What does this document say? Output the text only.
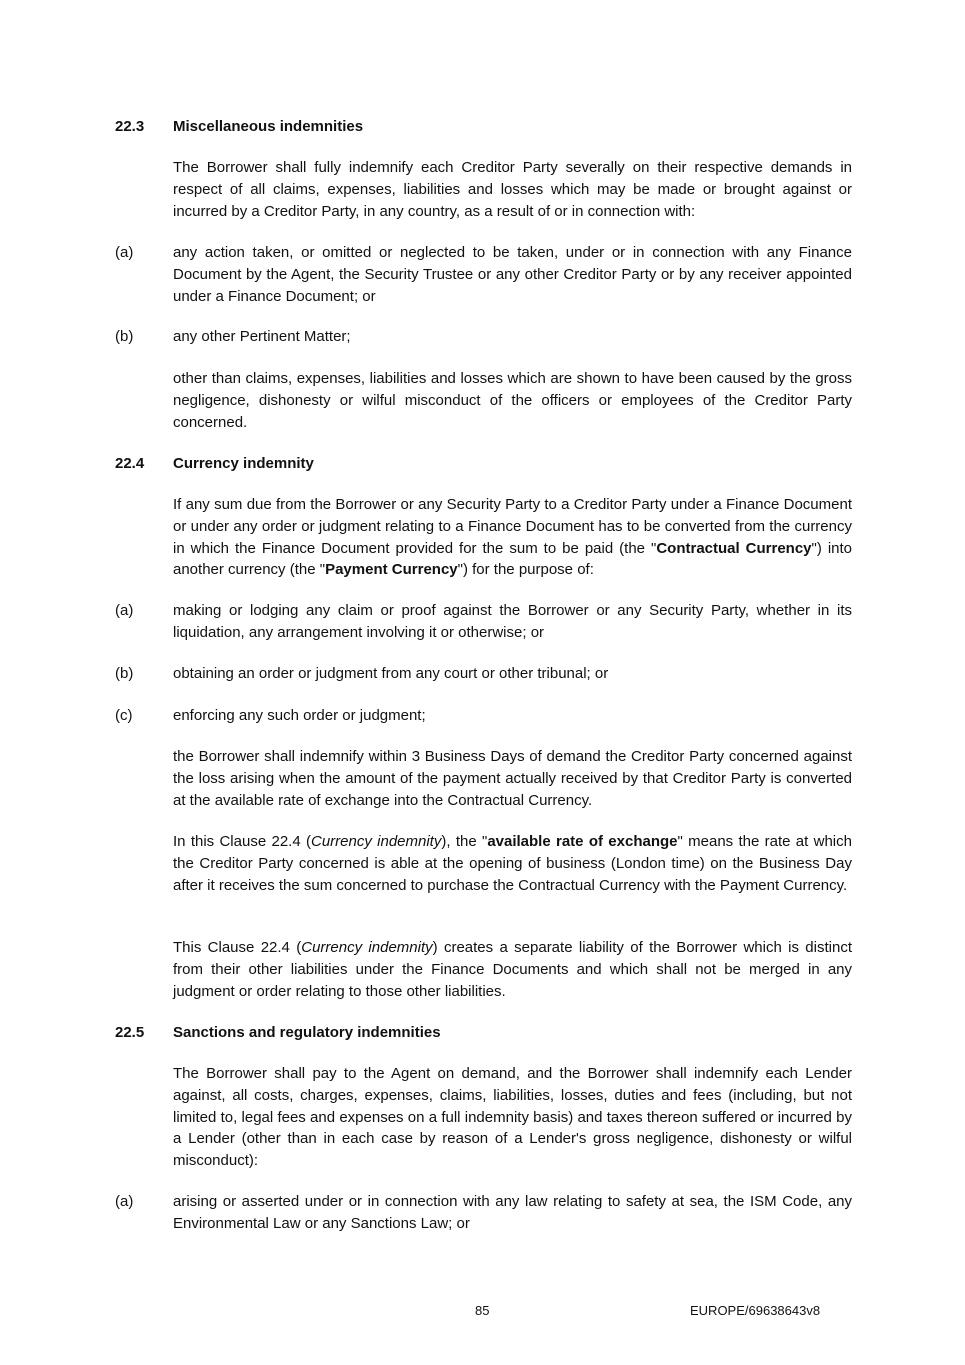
22.3	Miscellaneous indemnities

The Borrower shall fully indemnify each Creditor Party severally on their respective demands in respect of all claims, expenses, liabilities and losses which may be made or brought against or incurred by a Creditor Party, in any country, as a result of or in connection with:

(a)	any action taken, or omitted or neglected to be taken, under or in connection with any Finance Document by the Agent, the Security Trustee or any other Creditor Party or by any receiver appointed under a Finance Document; or
(b)	any other Pertinent Matter;

other than claims, expenses, liabilities and losses which are shown to have been caused by the gross negligence, dishonesty or wilful misconduct of the officers or employees of the Creditor Party concerned.

22.4	Currency indemnity

If any sum due from the Borrower or any Security Party to a Creditor Party under a Finance Document or under any order or judgment relating to a Finance Document has to be converted from the currency in which the Finance Document provided for the sum to be paid (the "Contractual Currency") into another currency (the "Payment Currency") for the purpose of:

(a)	making or lodging any claim or proof against the Borrower or any Security Party, whether in its liquidation, any arrangement involving it or otherwise; or
(b)	obtaining an order or judgment from any court or other tribunal; or
(c)	enforcing any such order or judgment;

the Borrower shall indemnify within 3 Business Days of demand the Creditor Party concerned against the loss arising when the amount of the payment actually received by that Creditor Party is converted at the available rate of exchange into the Contractual Currency.

In this Clause 22.4 (Currency indemnity), the "available rate of exchange" means the rate at which the Creditor Party concerned is able at the opening of business (London time) on the Business Day after it receives the sum concerned to purchase the Contractual Currency with the Payment Currency.

This Clause 22.4 (Currency indemnity) creates a separate liability of the Borrower which is distinct from their other liabilities under the Finance Documents and which shall not be merged in any judgment or order relating to those other liabilities.

22.5	Sanctions and regulatory indemnities

The Borrower shall pay to the Agent on demand, and the Borrower shall indemnify each Lender against, all costs, charges, expenses, claims, liabilities, losses, duties and fees (including, but not limited to, legal fees and expenses on a full indemnity basis) and taxes thereon suffered or incurred by a Lender (other than in each case by reason of a Lender's gross negligence, dishonesty or wilful misconduct):

(a)	arising or asserted under or in connection with any law relating to safety at sea, the ISM Code, any Environmental Law or any Sanctions Law; or
85	EUROPE/69638643v8
